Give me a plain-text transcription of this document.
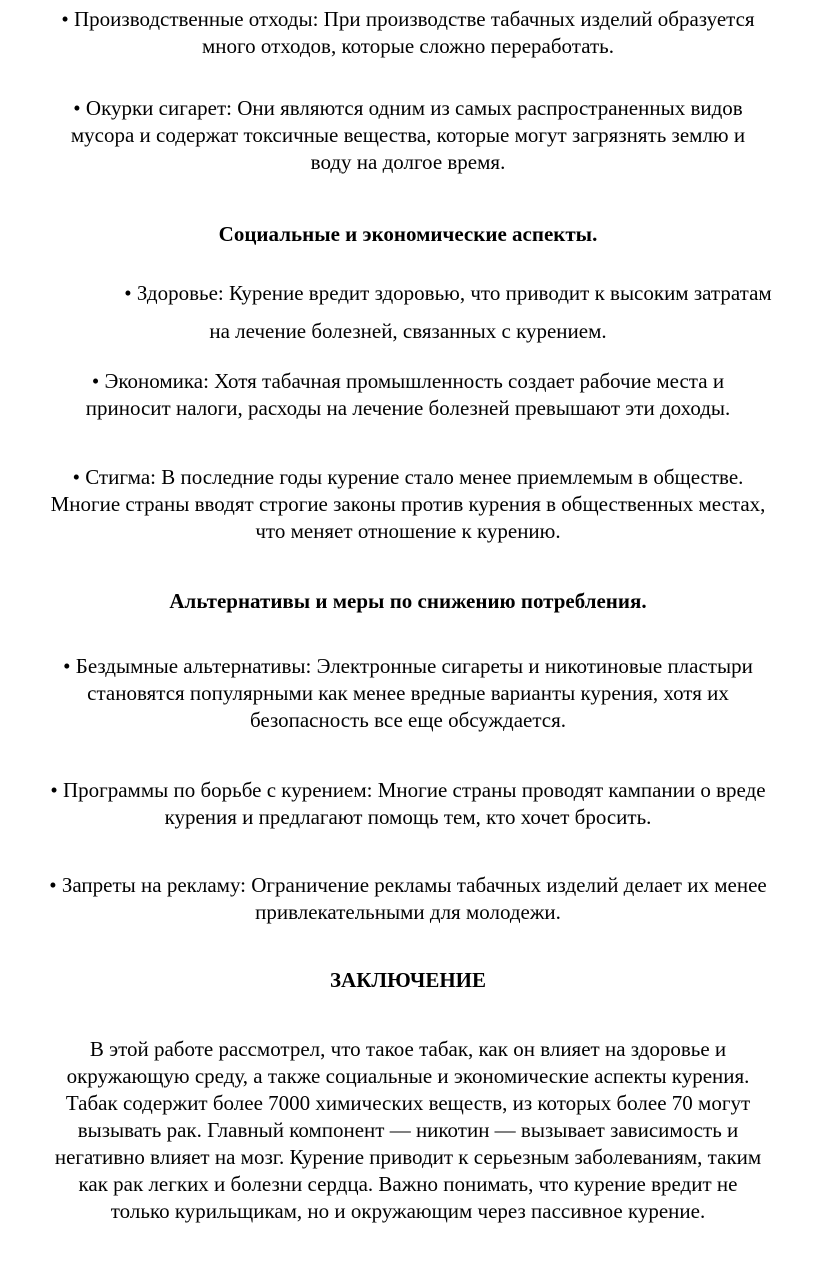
• Производственные отходы: При производстве табачных изделий образуется
много отходов, которые сложно переработать.

• Окурки сигарет: Они являются одним из самых распространенных видов
мусора и содержат токсичные вещества, которые могут загрязнять землю и
воду на долгое время.

Социальные и экономические аспекты.

• Здоровье: Курение вредит здоровью, что приводит к высоким затратам
на лечение болезней, связанных с курением.

• Экономика: Хотя табачная промышленность создает рабочие места и
приносит налоги, расходы на лечение болезней превышают эти доходы.

• Стигма: В последние годы курение стало менее приемлемым в обществе.
Многие страны вводят строгие законы против курения в общественных местах,
что меняет отношение к курению.

Альтернативы и меры по снижению потребления.

• Бездымные альтернативы: Электронные сигареты и никотиновые пластыри
становятся популярными как менее вредные варианты курения, хотя их
безопасность все еще обсуждается.

• Программы по борьбе с курением: Многие страны проводят кампании о вреде
курения и предлагают помощь тем, кто хочет бросить.

• Запреты на рекламу: Ограничение рекламы табачных изделий делает их менее
привлекательными для молодежи.

ЗАКЛЮЧЕНИЕ

В этой работе рассмотрел, что такое табак, как он влияет на здоровье и
окружающую среду, а также социальные и экономические аспекты курения.
Табак содержит более 7000 химических веществ, из которых более 70 могут
вызывать рак. Главный компонент — никотин — вызывает зависимость и
негативно влияет на мозг. Курение приводит к серьезным заболеваниям, таким
как рак легких и болезни сердца. Важно понимать, что курение вредит не
только курильщикам, но и окружающим через пассивное курение.
